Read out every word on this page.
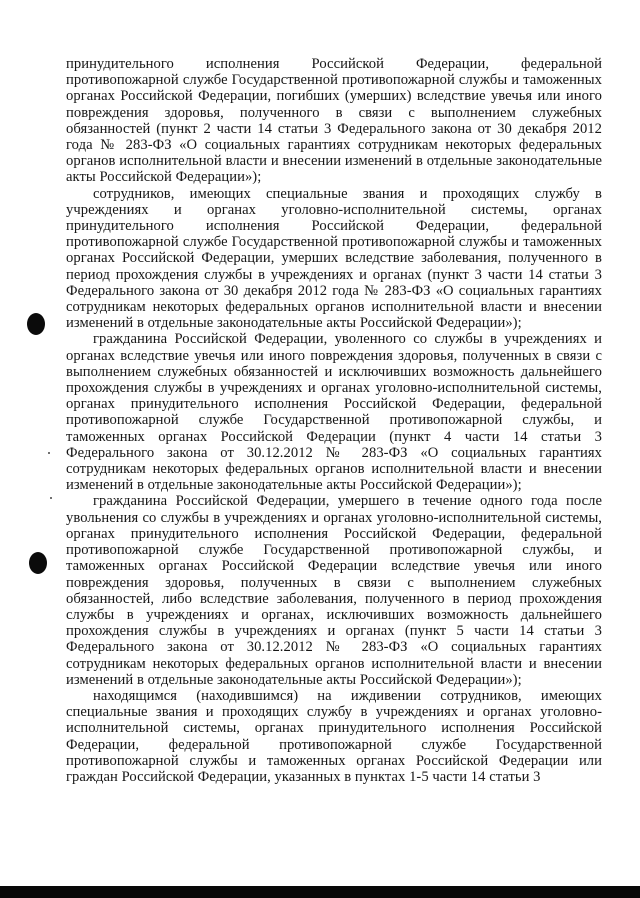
принудительного исполнения Российской Федерации, федеральной противопожарной службе Государственной противопожарной службы и таможенных органах Российской Федерации, погибших (умерших) вследствие увечья или иного повреждения здоровья, полученного в связи с выполнением служебных обязанностей (пункт 2 части 14 статьи 3 Федерального закона от 30 декабря 2012 года № 283-ФЗ «О социальных гарантиях сотрудникам некоторых федеральных органов исполнительной власти и внесении изменений в отдельные законодательные акты Российской Федерации»);

сотрудников, имеющих специальные звания и проходящих службу в учреждениях и органах уголовно-исполнительной системы, органах принудительного исполнения Российской Федерации, федеральной противопожарной службе Государственной противопожарной службы и таможенных органах Российской Федерации, умерших вследствие заболевания, полученного в период прохождения службы в учреждениях и органах (пункт 3 части 14 статьи 3 Федерального закона от 30 декабря 2012 года № 283-ФЗ «О социальных гарантиях сотрудникам некоторых федеральных органов исполнительной власти и внесении изменений в отдельные законодательные акты Российской Федерации»);

гражданина Российской Федерации, уволенного со службы в учреждениях и органах вследствие увечья или иного повреждения здоровья, полученных в связи с выполнением служебных обязанностей и исключивших возможность дальнейшего прохождения службы в учреждениях и органах уголовно-исполнительной системы, органах принудительного исполнения Российской Федерации, федеральной противопожарной службе Государственной противопожарной службы, и таможенных органах Российской Федерации (пункт 4 части 14 статьи 3 Федерального закона от 30.12.2012 № 283-ФЗ «О социальных гарантиях сотрудникам некоторых федеральных органов исполнительной власти и внесении изменений в отдельные законодательные акты Российской Федерации»);

гражданина Российской Федерации, умершего в течение одного года после увольнения со службы в учреждениях и органах уголовно-исполнительной системы, органах принудительного исполнения Российской Федерации, федеральной противопожарной службе Государственной противопожарной службы, и таможенных органах Российской Федерации вследствие увечья или иного повреждения здоровья, полученных в связи с выполнением служебных обязанностей, либо вследствие заболевания, полученного в период прохождения службы в учреждениях и органах, исключивших возможность дальнейшего прохождения службы в учреждениях и органах (пункт 5 части 14 статьи 3 Федерального закона от 30.12.2012 № 283-ФЗ «О социальных гарантиях сотрудникам некоторых федеральных органов исполнительной власти и внесении изменений в отдельные законодательные акты Российской Федерации»);

находящимся (находившимся) на иждивении сотрудников, имеющих специальные звания и проходящих службу в учреждениях и органах уголовно-исполнительной системы, органах принудительного исполнения Российской Федерации, федеральной противопожарной службе Государственной противопожарной службы и таможенных органах Российской Федерации или граждан Российской Федерации, указанных в пунктах 1-5 части 14 статьи 3
